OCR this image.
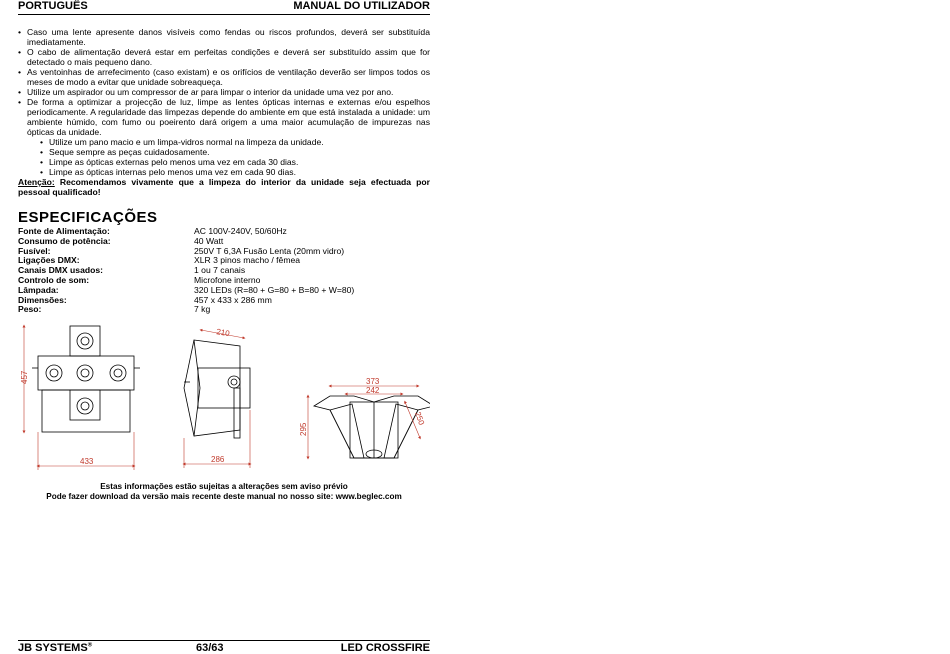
PORTUGUÊS	MANUAL DO UTILIZADOR
• Caso uma lente apresente danos visíveis como fendas ou riscos profundos, deverá ser substituída imediatamente.
• O cabo de alimentação deverá estar em perfeitas condições e deverá ser substituído assim que for detectado o mais pequeno dano.
• As ventoinhas de arrefecimento (caso existam) e os orifícios de ventilação deverão ser limpos todos os meses de modo a evitar que unidade sobreaqueça.
• Utilize um aspirador ou um compressor de ar para limpar o interior da unidade uma vez por ano.
• De forma a optimizar a projecção de luz, limpe as lentes ópticas internas e externas e/ou espelhos periodicamente. A regularidade das limpezas depende do ambiente em que está instalada a unidade: um ambiente húmido, com fumo ou poeirento dará origem a uma maior acumulação de impurezas nas ópticas da unidade.
• Utilize um pano macio e um limpa-vidros normal na limpeza da unidade.
• Seque sempre as peças cuidadosamente.
• Limpe as ópticas externas pelo menos uma vez em cada 30 dias.
• Limpe as ópticas internas pelo menos uma vez em cada 90 dias.
Atenção: Recomendamos vivamente que a limpeza do interior da unidade seja efectuada por pessoal qualificado!
ESPECIFICAÇÕES
Fonte de Alimentação:	AC 100V-240V, 50/60Hz
Consumo de potência:	40 Watt
Fusível:	250V T 6,3A Fusão Lenta (20mm vidro)
Ligações DMX:	XLR 3 pinos macho / fêmea
Canais DMX usados:	1 ou 7 canais
Controlo de som:	Microfone interno
Lâmpada:	320 LEDs (R=80 + G=80 + B=80 + W=80)
Dimensões:	457 x 433 x 286 mm
Peso:	7 kg
457
433
210
286
373
242
295
250
Estas informações estão sujeitas a alterações sem aviso prévio
Pode fazer download da versão mais recente deste manual no nosso site: www.beglec.com
JB SYSTEMS®	63/63	LED CROSSFIRE
